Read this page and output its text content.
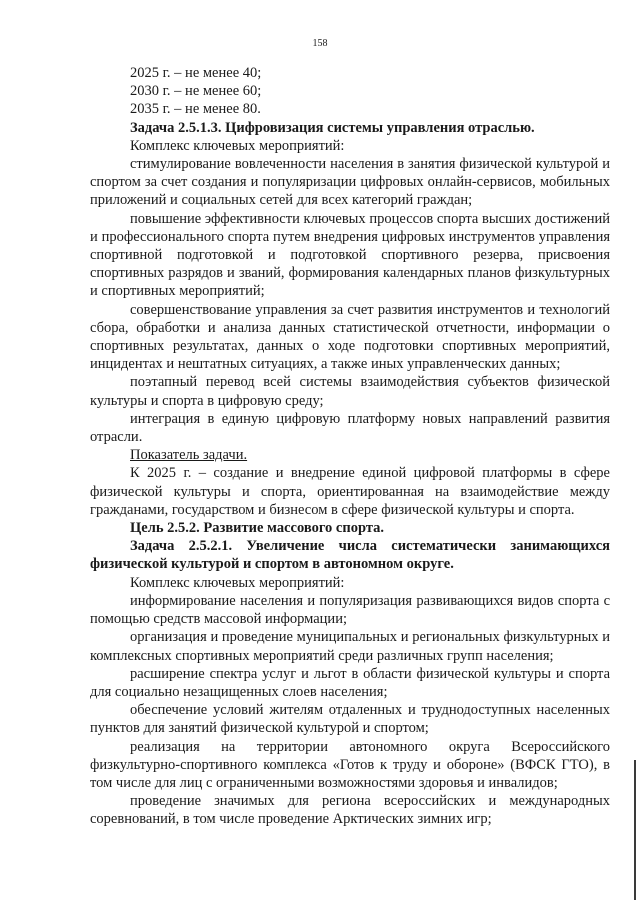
158

2025 г. – не менее 40;

2030 г. – не менее 60;

2035 г. – не менее 80.

Задача 2.5.1.3. Цифровизация системы управления отраслью.

Комплекс ключевых мероприятий:

стимулирование вовлеченности населения в занятия физической культурой и спортом за счет создания и популяризации цифровых онлайн-сервисов, мобильных приложений и социальных сетей для всех категорий граждан;

повышение эффективности ключевых процессов спорта высших достижений и профессионального спорта путем внедрения цифровых инструментов управления спортивной подготовкой и подготовкой спортивного резерва, присвоения спортивных разрядов и званий, формирования календарных планов физкультурных и спортивных мероприятий;

совершенствование управления за счет развития инструментов и технологий сбора, обработки и анализа данных статистической отчетности, информации о спортивных результатах, данных о ходе подготовки спортивных мероприятий, инцидентах и нештатных ситуациях, а также иных управленческих данных;

поэтапный перевод всей системы взаимодействия субъектов физической культуры и спорта в цифровую среду;

интеграция в единую цифровую платформу новых направлений развития отрасли.

Показатель задачи.

К 2025 г. – создание и внедрение единой цифровой платформы в сфере физической культуры и спорта, ориентированная на взаимодействие между гражданами, государством и бизнесом в сфере физической культуры и спорта.

Цель 2.5.2. Развитие массового спорта.

Задача 2.5.2.1. Увеличение числа систематически занимающихся физической культурой и спортом в автономном округе.

Комплекс ключевых мероприятий:

информирование населения и популяризация развивающихся видов спорта с помощью средств массовой информации;

организация и проведение муниципальных и региональных физкультурных и комплексных спортивных мероприятий среди различных групп населения;

расширение спектра услуг и льгот в области физической культуры и спорта для социально незащищенных слоев населения;

обеспечение условий жителям отдаленных и труднодоступных населенных пунктов для занятий физической культурой и спортом;

реализация на территории автономного округа Всероссийского физкультурно-спортивного комплекса «Готов к труду и обороне» (ВФСК ГТО), в том числе для лиц с ограниченными возможностями здоровья и инвалидов;

проведение значимых для региона всероссийских и международных соревнований, в том числе проведение Арктических зимних игр;
